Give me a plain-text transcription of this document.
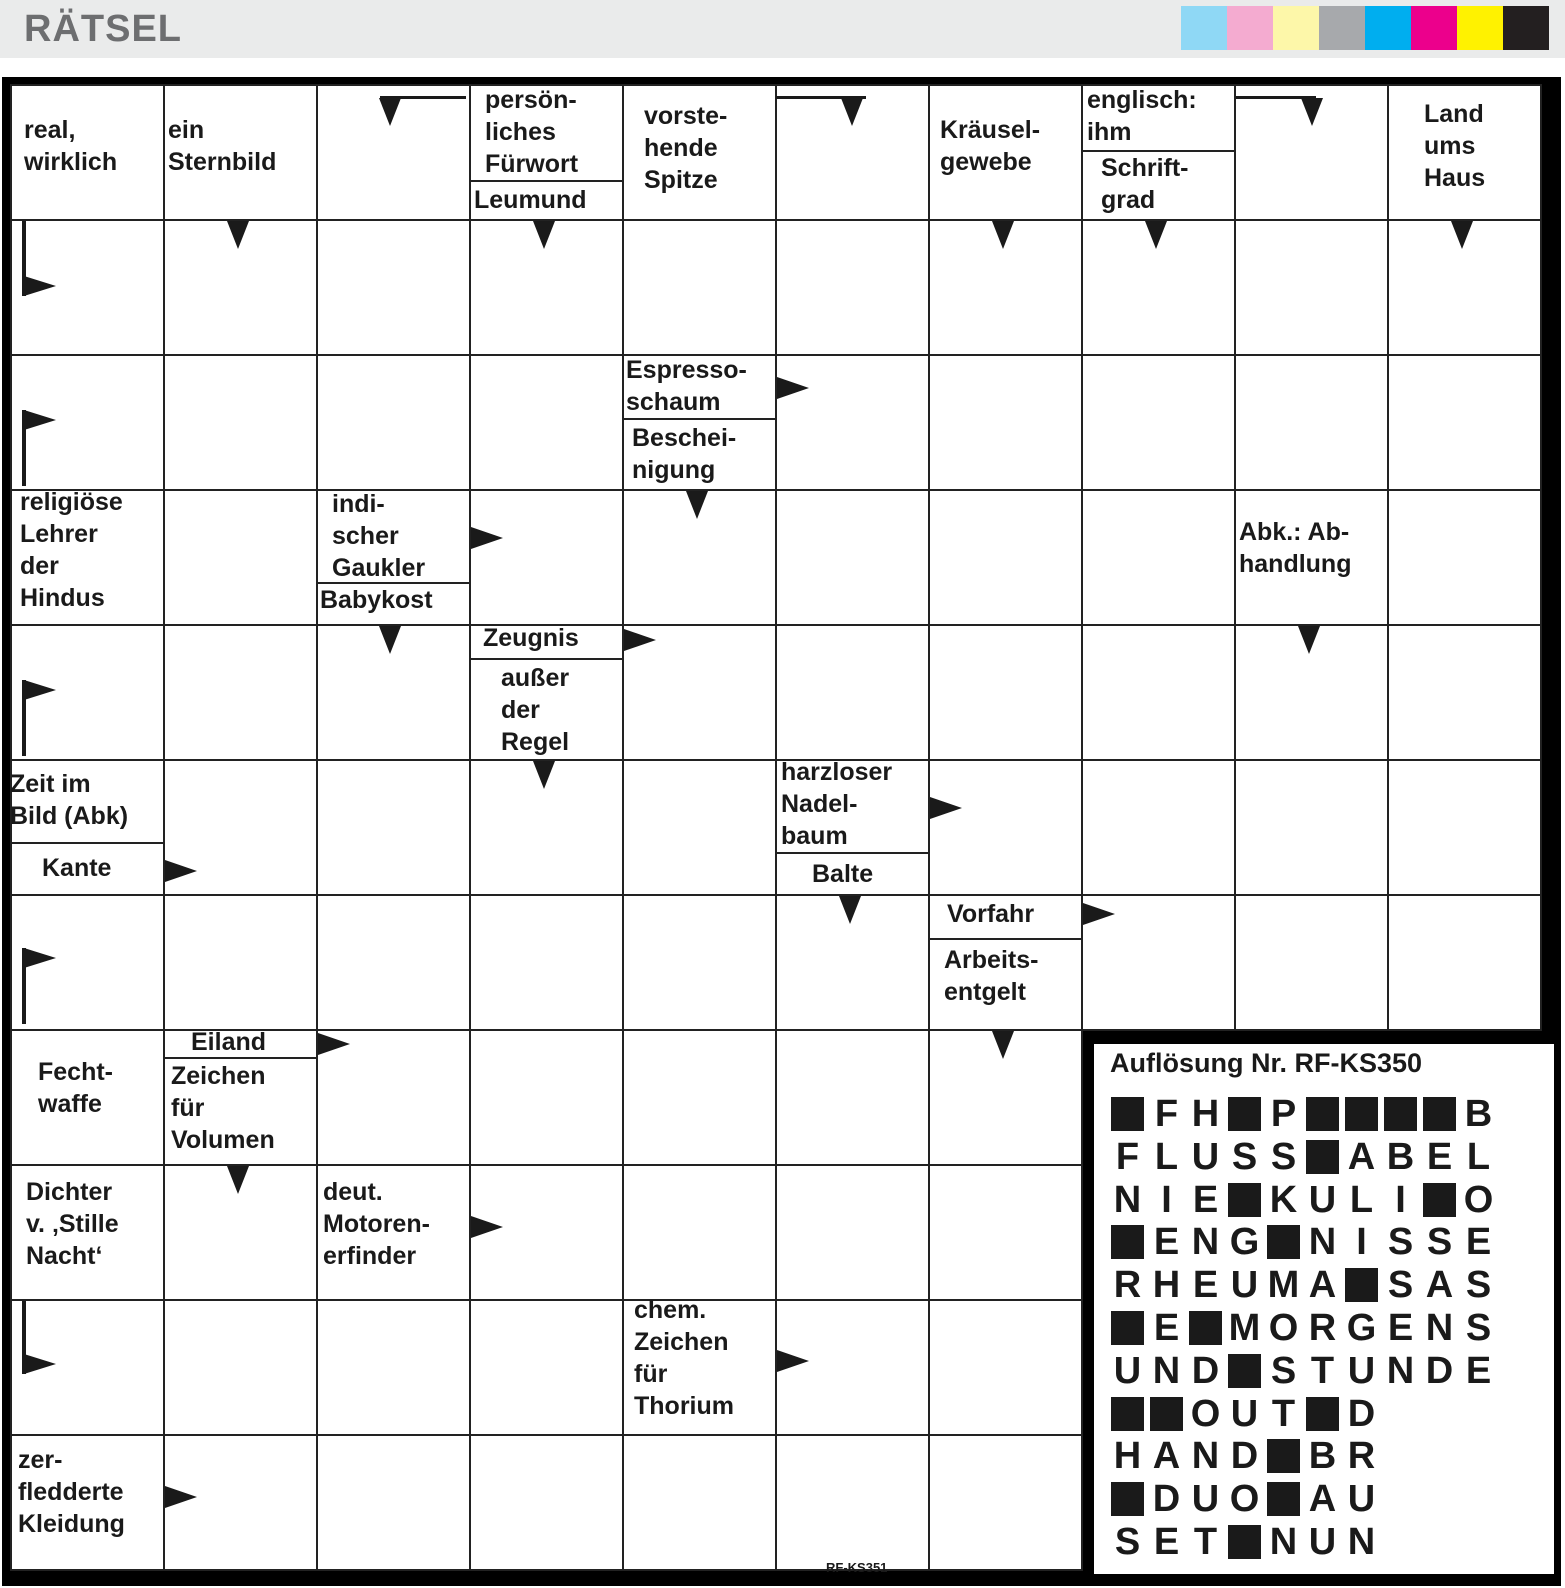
RÄTSEL
real,
wirklich
ein
Sternbild
persön-
liches
Fürwort
Leumund
vorste-
hende
Spitze
Kräusel-
gewebe
englisch:
ihm
Schrift-
grad
Land
ums
Haus
Espresso-
schaum
Beschei-
nigung
religiöse
Lehrer
der
Hindus
indi-
scher
Gaukler
Babykost
Abk.: Ab-
handlung
Zeugnis
außer
der
Regel
Zeit im
Bild (Abk)
Kante
harzloser
Nadel-
baum
Balte
Vorfahr
Arbeits-
entgelt
Fecht-
waffe
Eiland
Zeichen
für
Volumen
Dichter
v. ‚Stille
Nacht‘
deut.
Motoren-
erfinder
chem.
Zeichen
für
Thorium
zer-
fledderte
Kleidung
Auflösung Nr. RF-KS350
F H P	B
F L U S S A B E L
N I E K U L I	O
E N G N I S S E
R H E U M A S A S
E M O R G E N S
U N D S T U N D E
O U T D
H A N D B R
D U O A U
S E T N U N
RF-KS351
